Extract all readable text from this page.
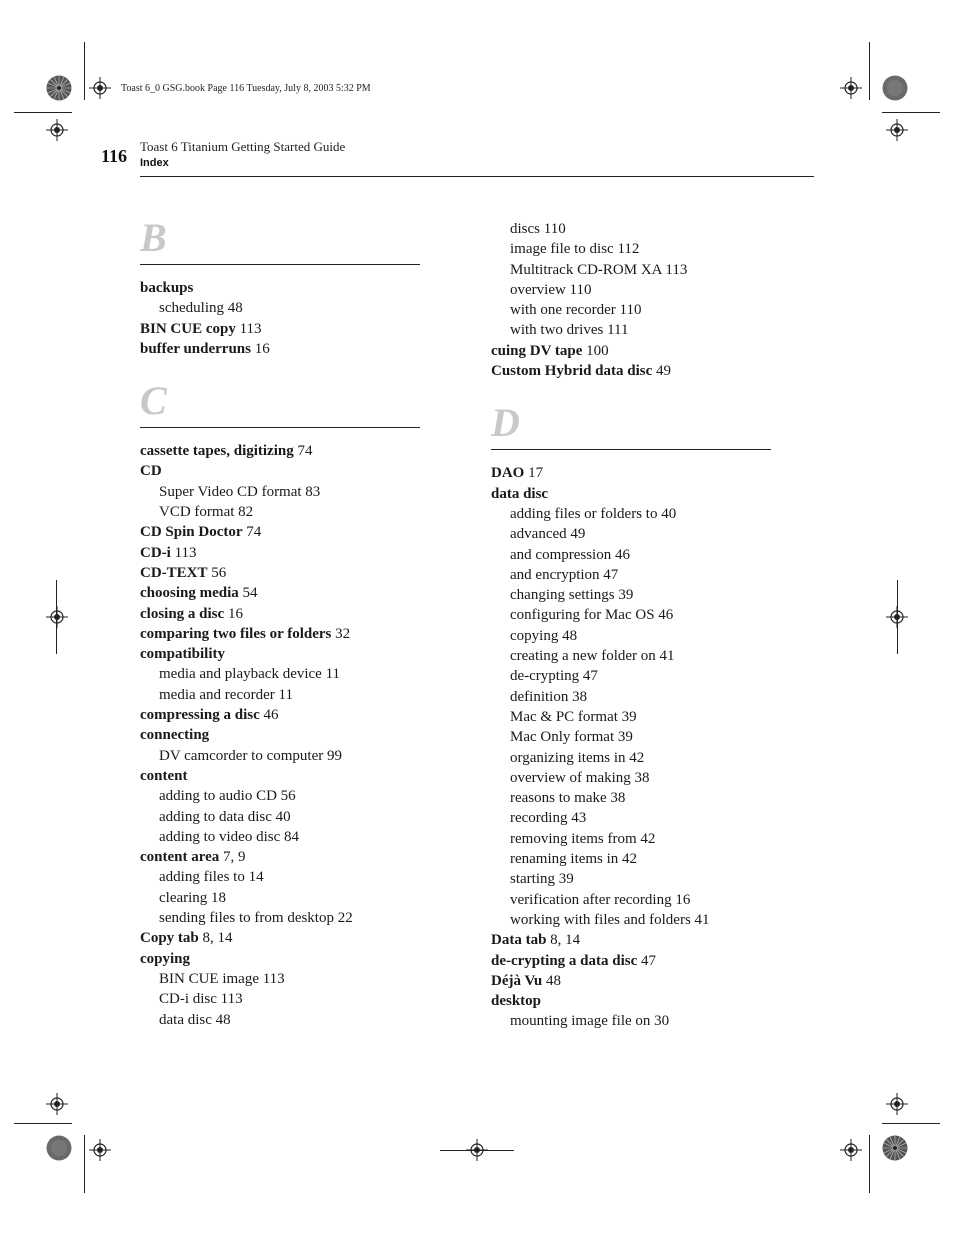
Toast 6_0 GSG.book Page 116 Tuesday, July 8, 2003 5:32 PM
116 Toast 6 Titanium Getting Started Guide
Index
B
backups
scheduling 48
BIN CUE copy 113
buffer underruns 16
C
cassette tapes, digitizing 74
CD
Super Video CD format 83
VCD format 82
CD Spin Doctor 74
CD-i 113
CD-TEXT 56
choosing media 54
closing a disc 16
comparing two files or folders 32
compatibility
media and playback device 11
media and recorder 11
compressing a disc 46
connecting
DV camcorder to computer 99
content
adding to audio CD 56
adding to data disc 40
adding to video disc 84
content area 7, 9
adding files to 14
clearing 18
sending files to from desktop 22
Copy tab 8, 14
copying
BIN CUE image 113
CD-i disc 113
data disc 48
discs 110
image file to disc 112
Multitrack CD-ROM XA 113
overview 110
with one recorder 110
with two drives 111
cuing DV tape 100
Custom Hybrid data disc 49
D
DAO 17
data disc
adding files or folders to 40
advanced 49
and compression 46
and encryption 47
changing settings 39
configuring for Mac OS 46
copying 48
creating a new folder on 41
de-crypting 47
definition 38
Mac & PC format 39
Mac Only format 39
organizing items in 42
overview of making 38
reasons to make 38
recording 43
removing items from 42
renaming items in 42
starting 39
verification after recording 16
working with files and folders 41
Data tab 8, 14
de-crypting a data disc 47
Déjà Vu 48
desktop
mounting image file on 30
